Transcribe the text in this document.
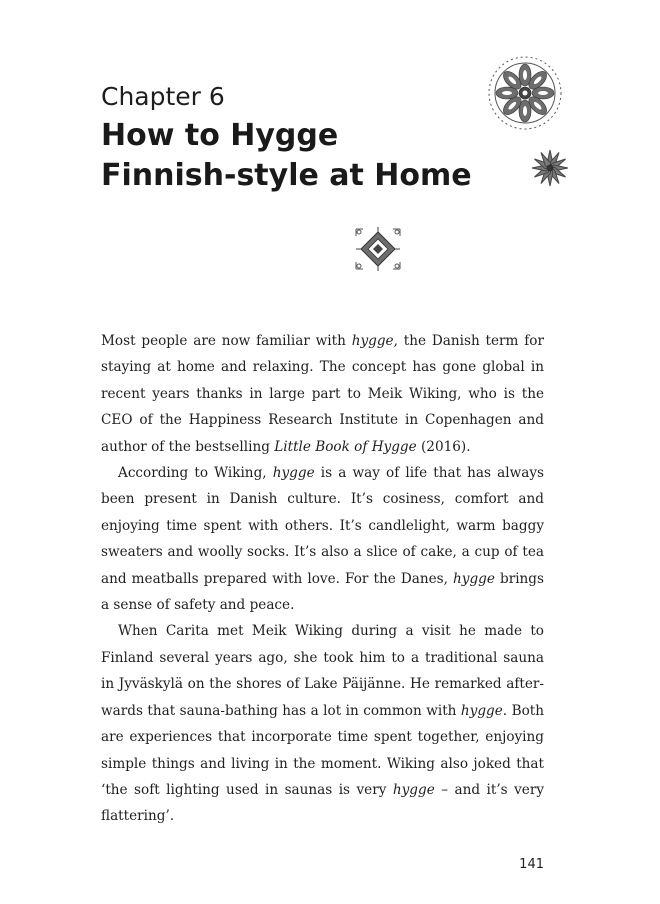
Chapter 6
How to Hygge Finnish-style at Home

Most people are now familiar with hygge, the Danish term for staying at home and relaxing. The concept has gone global in recent years thanks in large part to Meik Wiking, who is the CEO of the Happiness Research Institute in Copenhagen and author of the bestselling Little Book of Hygge (2016).

According to Wiking, hygge is a way of life that has always been present in Danish culture. It’s cosiness, comfort and enjoying time spent with others. It’s candlelight, warm baggy sweaters and woolly socks. It’s also a slice of cake, a cup of tea and meatballs prepared with love. For the Danes, hygge brings a sense of safety and peace.

When Carita met Meik Wiking during a visit he made to Finland several years ago, she took him to a traditional sauna in Jyväskylä on the shores of Lake Päijänne. He remarked afterwards that sauna-bathing has a lot in common with hygge. Both are experiences that incorporate time spent together, enjoying simple things and living in the moment. Wiking also joked that ‘the soft lighting used in saunas is very hygge – and it’s very flattering’.

141
